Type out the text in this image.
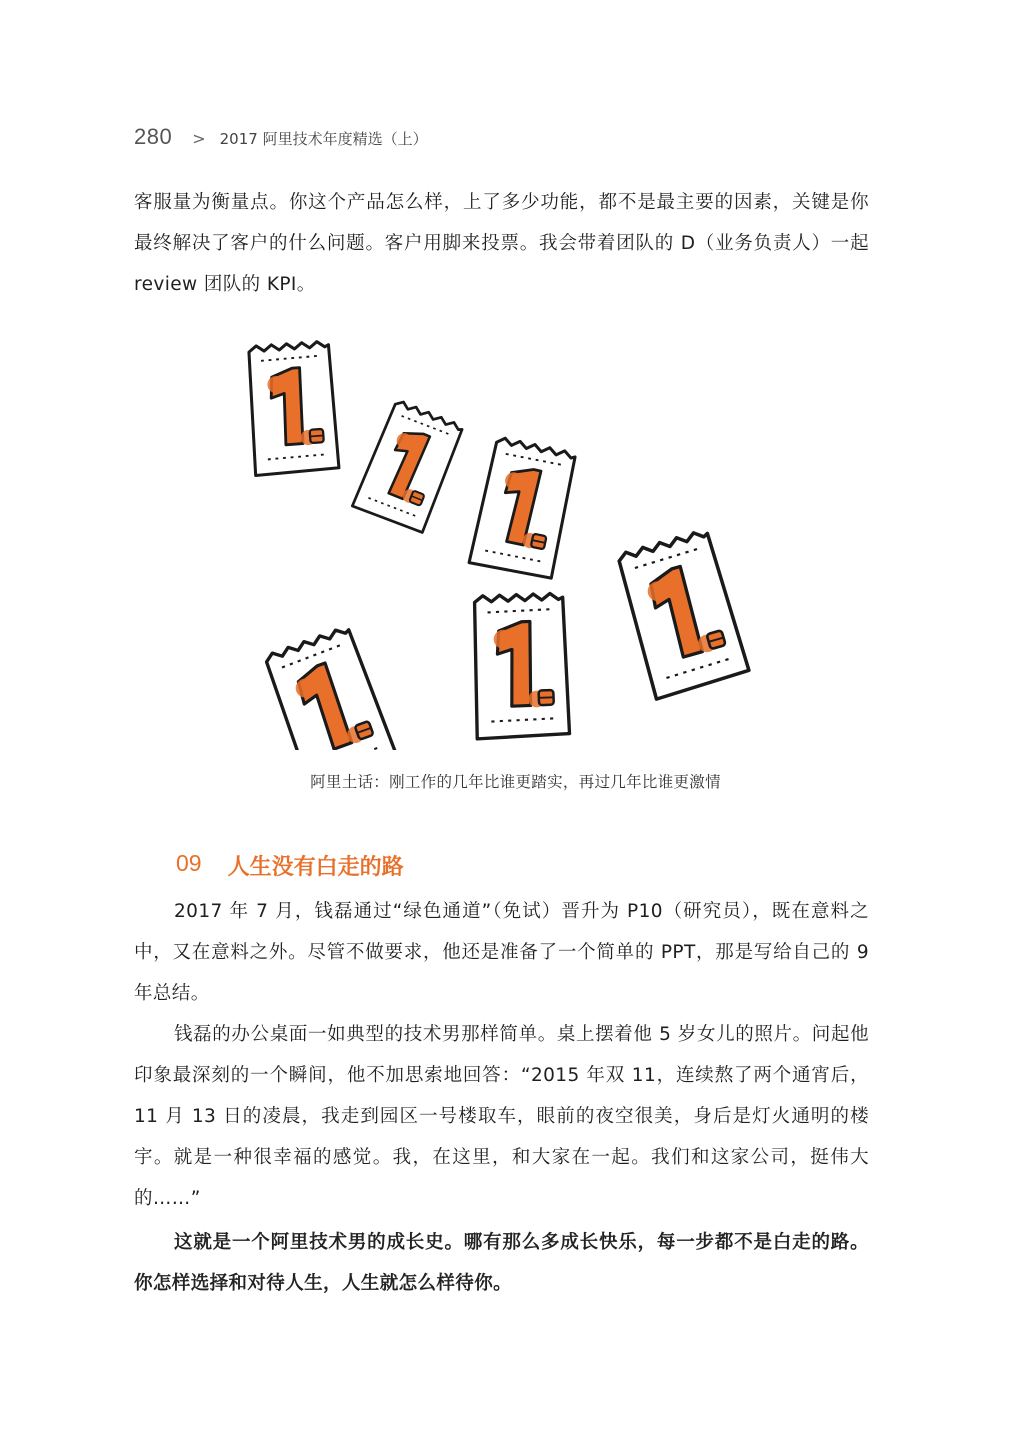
280 > 2017 阿里技术年度精选（上）

客服量为衡量点。你这个产品怎么样，上了多少功能，都不是最主要的因素，关键是你最终解决了客户的什么问题。客户用脚来投票。我会带着团队的 D（业务负责人）一起 review 团队的 KPI。

阿里土话：刚工作的几年比谁更踏实，再过几年比谁更激情
09 人生没有白走的路

2017 年 7 月，钱磊通过“绿色通道”（免试）晋升为 P10（研究员），既在意料之中，又在意料之外。尽管不做要求，他还是准备了一个简单的 PPT，那是写给自己的 9 年总结。

钱磊的办公桌面一如典型的技术男那样简单。桌上摆着他 5 岁女儿的照片。问起他印象最深刻的一个瞬间，他不加思索地回答：“2015 年双 11，连续熬了两个通宵后，11 月 13 日的凌晨，我走到园区一号楼取车，眼前的夜空很美，身后是灯火通明的楼宇。就是一种很幸福的感觉。我，在这里，和大家在一起。我们和这家公司，挺伟大的……”

这就是一个阿里技术男的成长史。哪有那么多成长快乐，每一步都不是白走的路。你怎样选择和对待人生，人生就怎么样待你。
